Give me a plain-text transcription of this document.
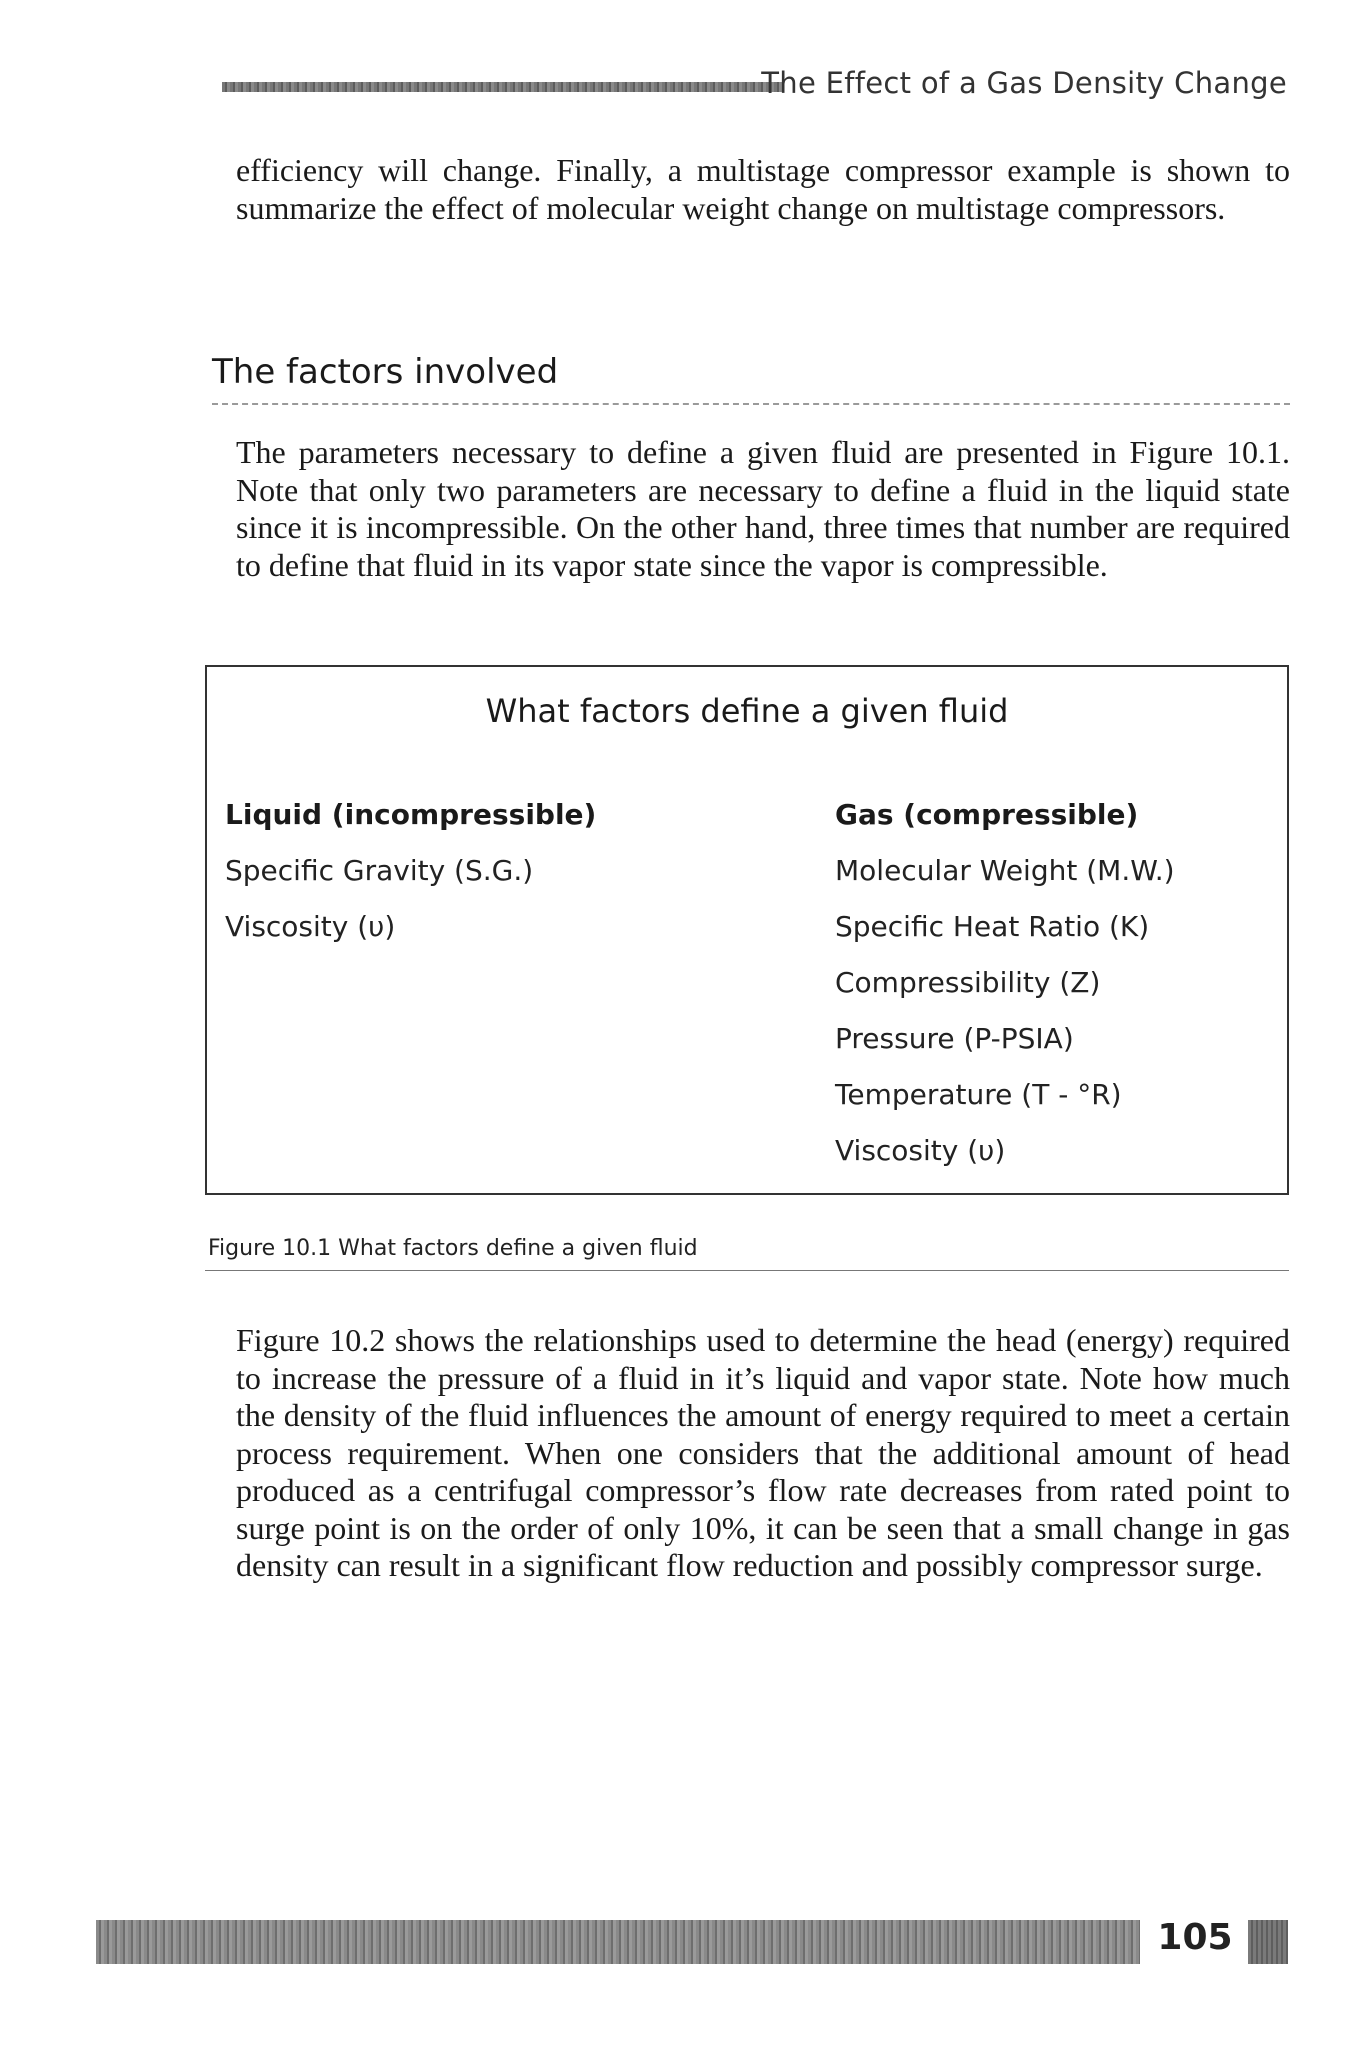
The Effect of a Gas Density Change

efficiency will change. Finally, a multistage compressor example is shown to summarize the effect of molecular weight change on multistage compressors.

The factors involved

The parameters necessary to define a given fluid are presented in Figure 10.1. Note that only two parameters are necessary to define a fluid in the liquid state since it is incompressible. On the other hand, three times that number are required to define that fluid in its vapor state since the vapor is compressible.

What factors define a given fluid

Liquid (incompressible)

Specific Gravity (S.G.)
Viscosity (υ)

Gas (compressible)

Molecular Weight (M.W.)
Specific Heat Ratio (K)
Compressibility (Z)
Pressure (P-PSIA)
Temperature (T - °R)
Viscosity (υ)
Figure 10.1 What factors define a given fluid

Figure 10.2 shows the relationships used to determine the head (energy) required to increase the pressure of a fluid in it’s liquid and vapor state. Note how much the density of the fluid influences the amount of energy required to meet a certain process requirement. When one considers that the additional amount of head produced as a centrifugal compressor’s flow rate decreases from rated point to surge point is on the order of only 10%, it can be seen that a small change in gas density can result in a significant flow reduction and possibly compressor surge.

105
